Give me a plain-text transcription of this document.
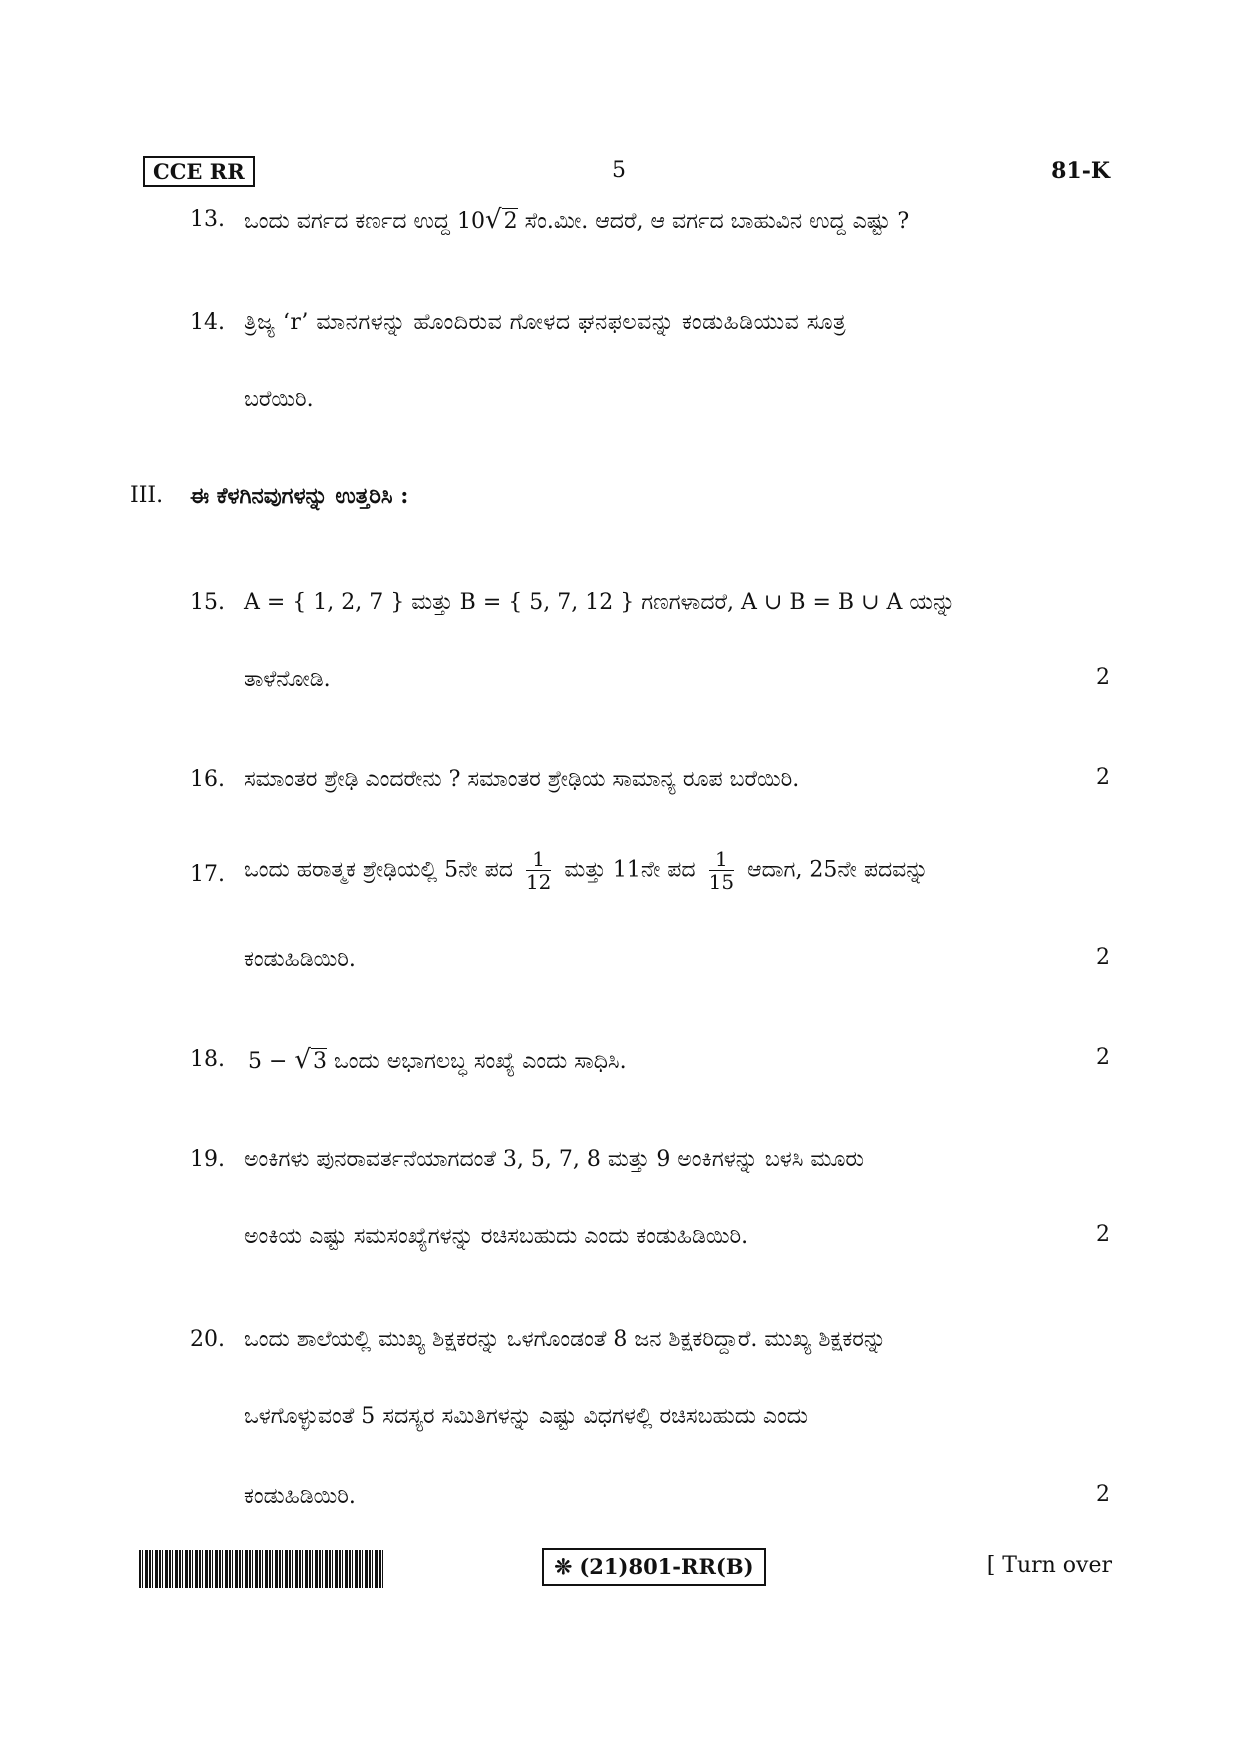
CCE RR	5	81-K
13. ಒಂದು ವರ್ಗದ ಕರ್ಣದ ಉದ್ದ 10√2 ಸೆಂ.ಮೀ. ಆದರೆ, ಆ ವರ್ಗದ ಬಾಹುವಿನ ಉದ್ದ ಎಷ್ಟು ?
14. ತ್ರಿಜ್ಯ ‘r’ ಮಾನಗಳನ್ನು ಹೊಂದಿರುವ ಗೋಳದ ಘನಫಲವನ್ನು ಕಂಡುಹಿಡಿಯುವ ಸೂತ್ರ
ಬರೆಯಿರಿ.
III. ಈ ಕೆಳಗಿನವುಗಳನ್ನು ಉತ್ತರಿಸಿ :
15. A = { 1, 2, 7 } ಮತ್ತು B = { 5, 7, 12 } ಗಣಗಳಾದರೆ, A ∪ B = B ∪ A ಯನ್ನು
ತಾಳೆನೋಡಿ.	2
16. ಸಮಾಂತರ ಶ್ರೇಢಿ ಎಂದರೇನು ? ಸಮಾಂತರ ಶ್ರೇಢಿಯ ಸಾಮಾನ್ಯ ರೂಪ ಬರೆಯಿರಿ.	2
17. ಒಂದು ಹರಾತ್ಮಕ ಶ್ರೇಢಿಯಲ್ಲಿ 5ನೇ ಪದ $\frac{1}{12}$ ಮತ್ತು 11ನೇ ಪದ $\frac{1}{15}$ ಆದಾಗ, 25ನೇ ಪದವನ್ನು
ಕಂಡುಹಿಡಿಯಿರಿ.	2
18. 5 − √3 ಒಂದು ಅಭಾಗಲಬ್ಧ ಸಂಖ್ಯೆ ಎಂದು ಸಾಧಿಸಿ.	2
19. ಅಂಕಿಗಳು ಪುನರಾವರ್ತನೆಯಾಗದಂತೆ 3, 5, 7, 8 ಮತ್ತು 9 ಅಂಕಿಗಳನ್ನು ಬಳಸಿ ಮೂರು
ಅಂಕಿಯ ಎಷ್ಟು ಸಮಸಂಖ್ಯೆಗಳನ್ನು ರಚಿಸಬಹುದು ಎಂದು ಕಂಡುಹಿಡಿಯಿರಿ.	2
20. ಒಂದು ಶಾಲೆಯಲ್ಲಿ ಮುಖ್ಯ ಶಿಕ್ಷಕರನ್ನು ಒಳಗೊಂಡಂತೆ 8 ಜನ ಶಿಕ್ಷಕರಿದ್ದಾರೆ. ಮುಖ್ಯ ಶಿಕ್ಷಕರನ್ನು
ಒಳಗೊಳ್ಳುವಂತೆ 5 ಸದಸ್ಯರ ಸಮಿತಿಗಳನ್ನು ಎಷ್ಟು ವಿಧಗಳಲ್ಲಿ ರಚಿಸಬಹುದು ಎಂದು
ಕಂಡುಹಿಡಿಯಿರಿ.	2
❊ (21)801-RR(B)	[ Turn over
